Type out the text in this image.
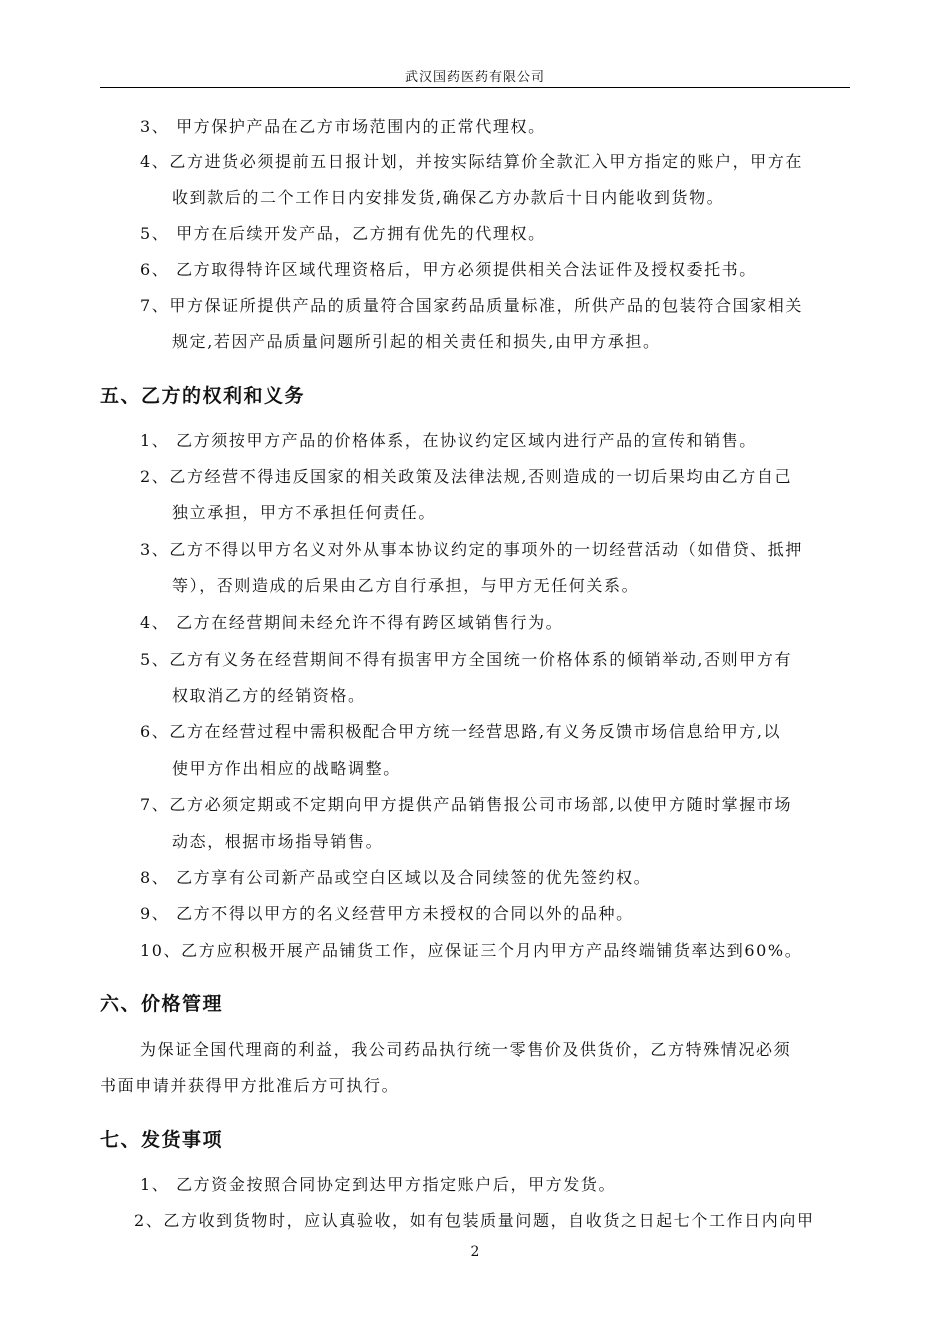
武汉国药医药有限公司
3、 甲方保护产品在乙方市场范围内的正常代理权。
4、乙方进货必须提前五日报计划，并按实际结算价全款汇入甲方指定的账户，甲方在
收到款后的二个工作日内安排发货,确保乙方办款后十日内能收到货物。
5、 甲方在后续开发产品，乙方拥有优先的代理权。
6、 乙方取得特许区域代理资格后，甲方必须提供相关合法证件及授权委托书。
7、甲方保证所提供产品的质量符合国家药品质量标准，所供产品的包装符合国家相关
规定,若因产品质量问题所引起的相关责任和损失,由甲方承担。
五、乙方的权利和义务
1、 乙方须按甲方产品的价格体系，在协议约定区域内进行产品的宣传和销售。
2、乙方经营不得违反国家的相关政策及法律法规,否则造成的一切后果均由乙方自己
独立承担，甲方不承担任何责任。
3、乙方不得以甲方名义对外从事本协议约定的事项外的一切经营活动（如借贷、抵押
等），否则造成的后果由乙方自行承担，与甲方无任何关系。
4、 乙方在经营期间未经允许不得有跨区域销售行为。
5、乙方有义务在经营期间不得有损害甲方全国统一价格体系的倾销举动,否则甲方有
权取消乙方的经销资格。
6、乙方在经营过程中需积极配合甲方统一经营思路,有义务反馈市场信息给甲方,以
使甲方作出相应的战略调整。
7、乙方必须定期或不定期向甲方提供产品销售报公司市场部,以使甲方随时掌握市场
动态，根据市场指导销售。
8、 乙方享有公司新产品或空白区域以及合同续签的优先签约权。
9、 乙方不得以甲方的名义经营甲方未授权的合同以外的品种。
10、乙方应积极开展产品铺货工作，应保证三个月内甲方产品终端铺货率达到60%。
六、价格管理
为保证全国代理商的利益，我公司药品执行统一零售价及供货价，乙方特殊情况必须
书面申请并获得甲方批准后方可执行。
七、发货事项
1、 乙方资金按照合同协定到达甲方指定账户后，甲方发货。
2、乙方收到货物时，应认真验收，如有包装质量问题，自收货之日起七个工作日内向甲
2
